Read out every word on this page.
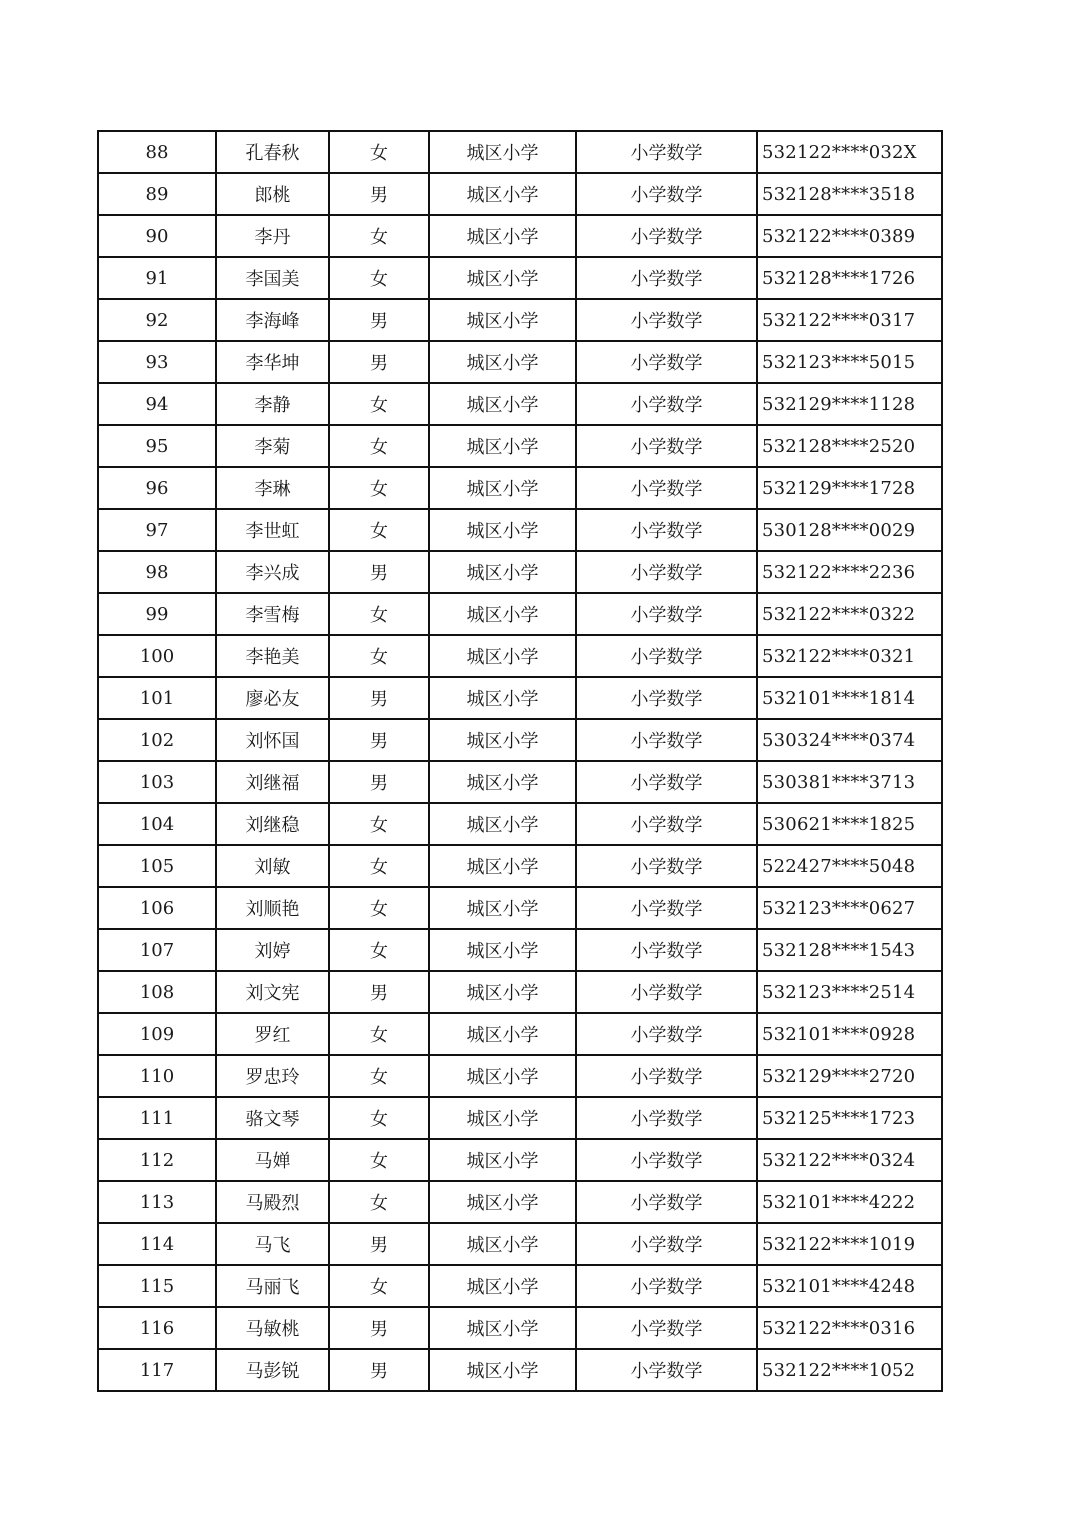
88	孔春秋	女	城区小学	小学数学	532122****032X
89	郎桃	男	城区小学	小学数学	532128****3518
90	李丹	女	城区小学	小学数学	532122****0389
91	李国美	女	城区小学	小学数学	532128****1726
92	李海峰	男	城区小学	小学数学	532122****0317
93	李华坤	男	城区小学	小学数学	532123****5015
94	李静	女	城区小学	小学数学	532129****1128
95	李菊	女	城区小学	小学数学	532128****2520
96	李琳	女	城区小学	小学数学	532129****1728
97	李世虹	女	城区小学	小学数学	530128****0029
98	李兴成	男	城区小学	小学数学	532122****2236
99	李雪梅	女	城区小学	小学数学	532122****0322
100	李艳美	女	城区小学	小学数学	532122****0321
101	廖必友	男	城区小学	小学数学	532101****1814
102	刘怀国	男	城区小学	小学数学	530324****0374
103	刘继福	男	城区小学	小学数学	530381****3713
104	刘继稳	女	城区小学	小学数学	530621****1825
105	刘敏	女	城区小学	小学数学	522427****5048
106	刘顺艳	女	城区小学	小学数学	532123****0627
107	刘婷	女	城区小学	小学数学	532128****1543
108	刘文宪	男	城区小学	小学数学	532123****2514
109	罗红	女	城区小学	小学数学	532101****0928
110	罗忠玲	女	城区小学	小学数学	532129****2720
111	骆文琴	女	城区小学	小学数学	532125****1723
112	马婵	女	城区小学	小学数学	532122****0324
113	马殿烈	女	城区小学	小学数学	532101****4222
114	马飞	男	城区小学	小学数学	532122****1019
115	马丽飞	女	城区小学	小学数学	532101****4248
116	马敏桃	男	城区小学	小学数学	532122****0316
117	马彭锐	男	城区小学	小学数学	532122****1052
